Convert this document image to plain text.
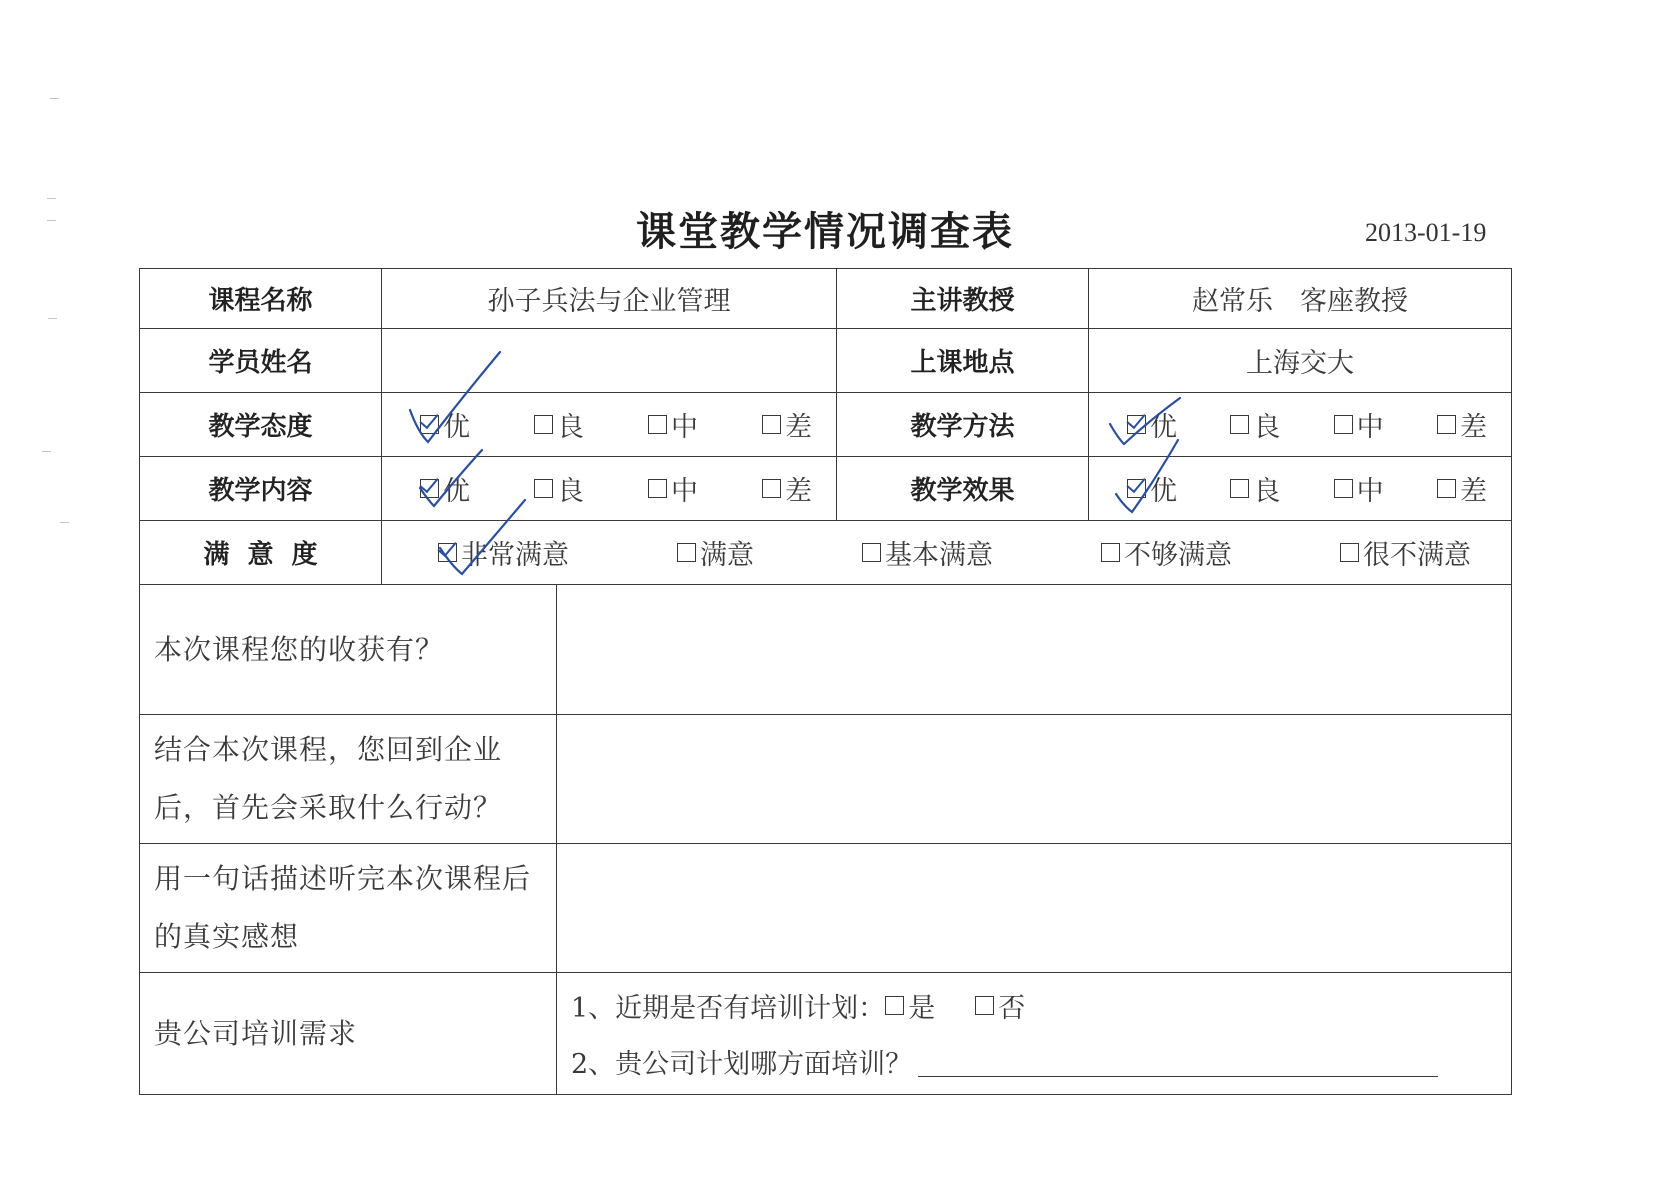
课堂教学情况调查表	2013-01-19
课程名称	孙子兵法与企业管理		主讲教授	赵常乐　客座教授
学员姓名			上课地点	上海交大
教学态度	优 良 中 差		教学方法	优 良 中 差

教学内容	优 良 中 差		教学效果	优 良 中 差

满意度	非常满意 满意 基本满意 不够满意 很不满意			

本次课程您的收获有？				
结合本次课程，您回到企业后，首先会采取什么行动？				
用一句话描述听完本次课程后的真实感想				
贵公司培训需求		1、近期是否有培训计划： 是 否
2、贵公司计划哪方面培训？		
